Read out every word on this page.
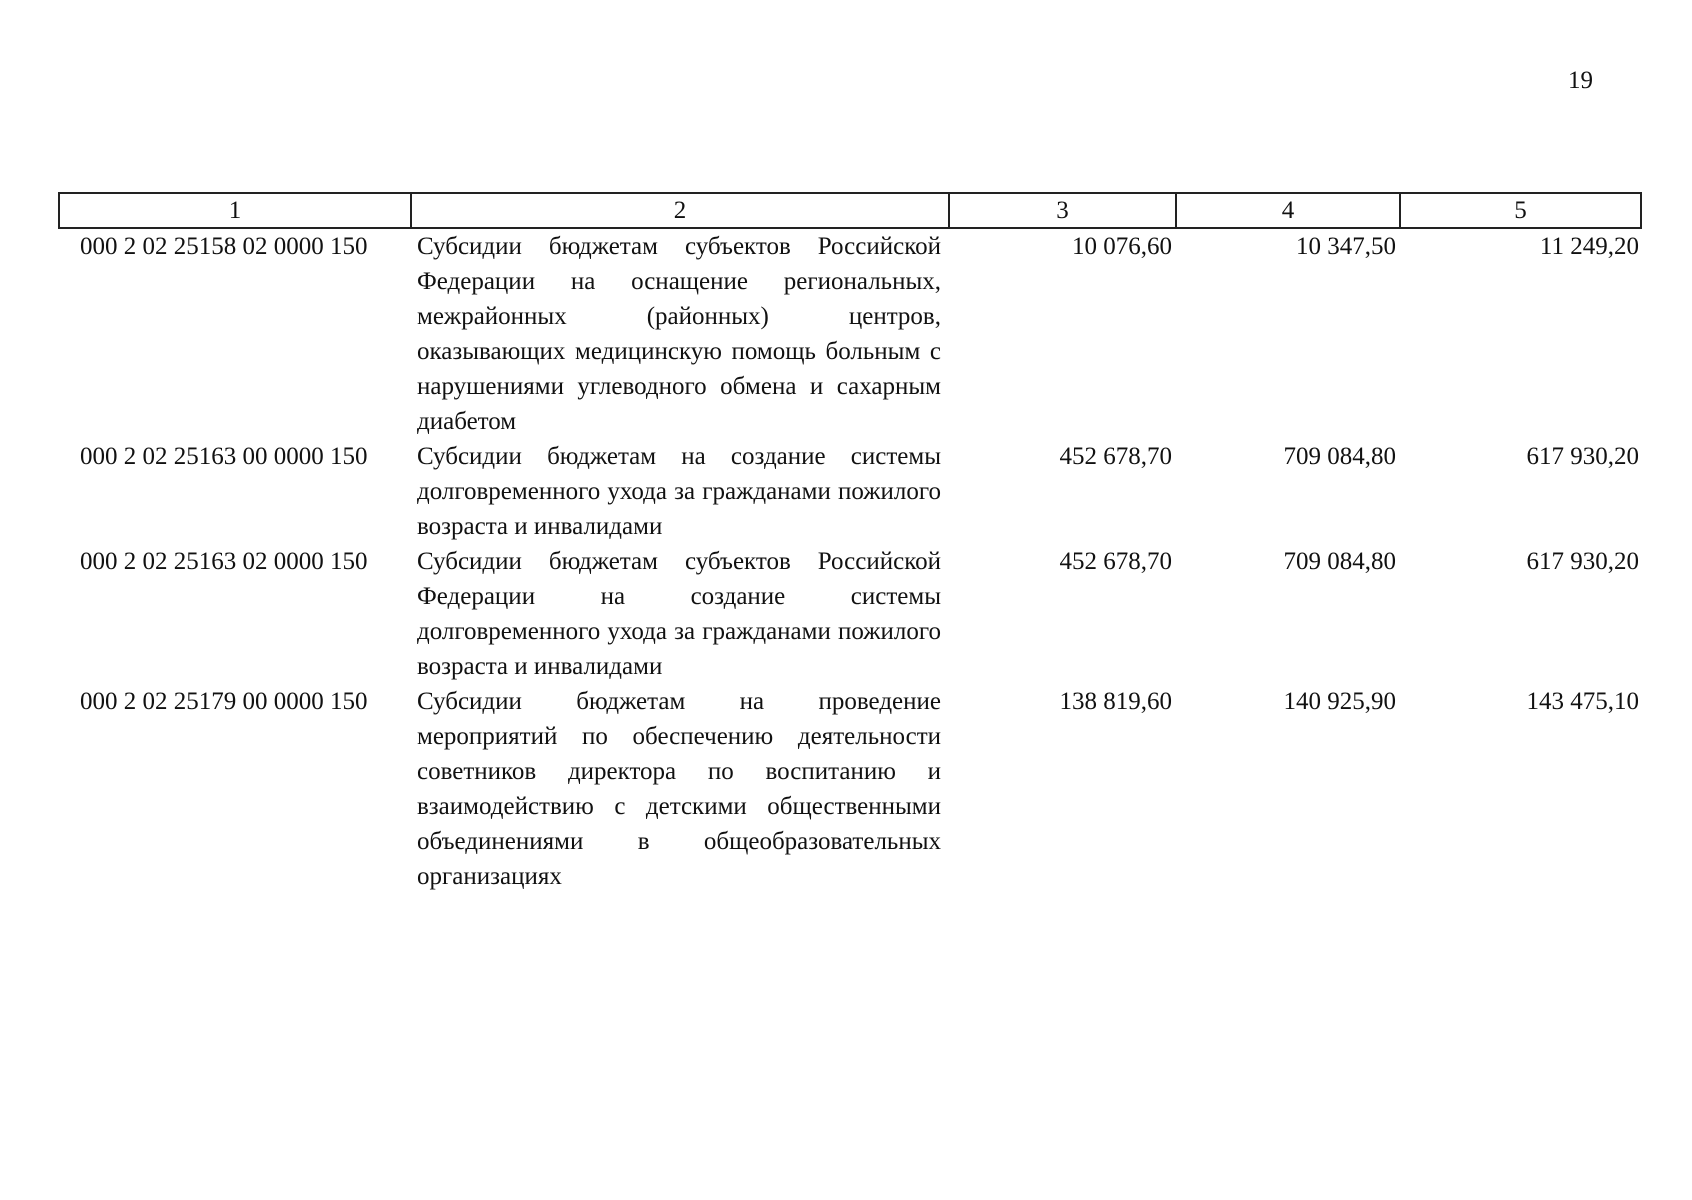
19
1	2	3	4	5
000 2 02 25158 02 0000 150	Субсидии бюджетам субъектов Российской Федерации на оснащение региональных, межрайонных (районных) центров, оказывающих медицинскую помощь больным с нарушениями углеводного обмена и сахарным диабетом	10 076,60	10 347,50	11 249,20
000 2 02 25163 00 0000 150	Субсидии бюджетам на создание системы долговременного ухода за гражданами пожилого возраста и инвалидами	452 678,70	709 084,80	617 930,20
000 2 02 25163 02 0000 150	Субсидии бюджетам субъектов Российской Федерации на создание системы долговременного ухода за гражданами пожилого возраста и инвалидами	452 678,70	709 084,80	617 930,20
000 2 02 25179 00 0000 150	Субсидии бюджетам на проведение мероприятий по обеспечению деятельности советников директора по воспитанию и взаимодействию с детскими общественными объединениями в общеобразовательных организациях	138 819,60	140 925,90	143 475,10
